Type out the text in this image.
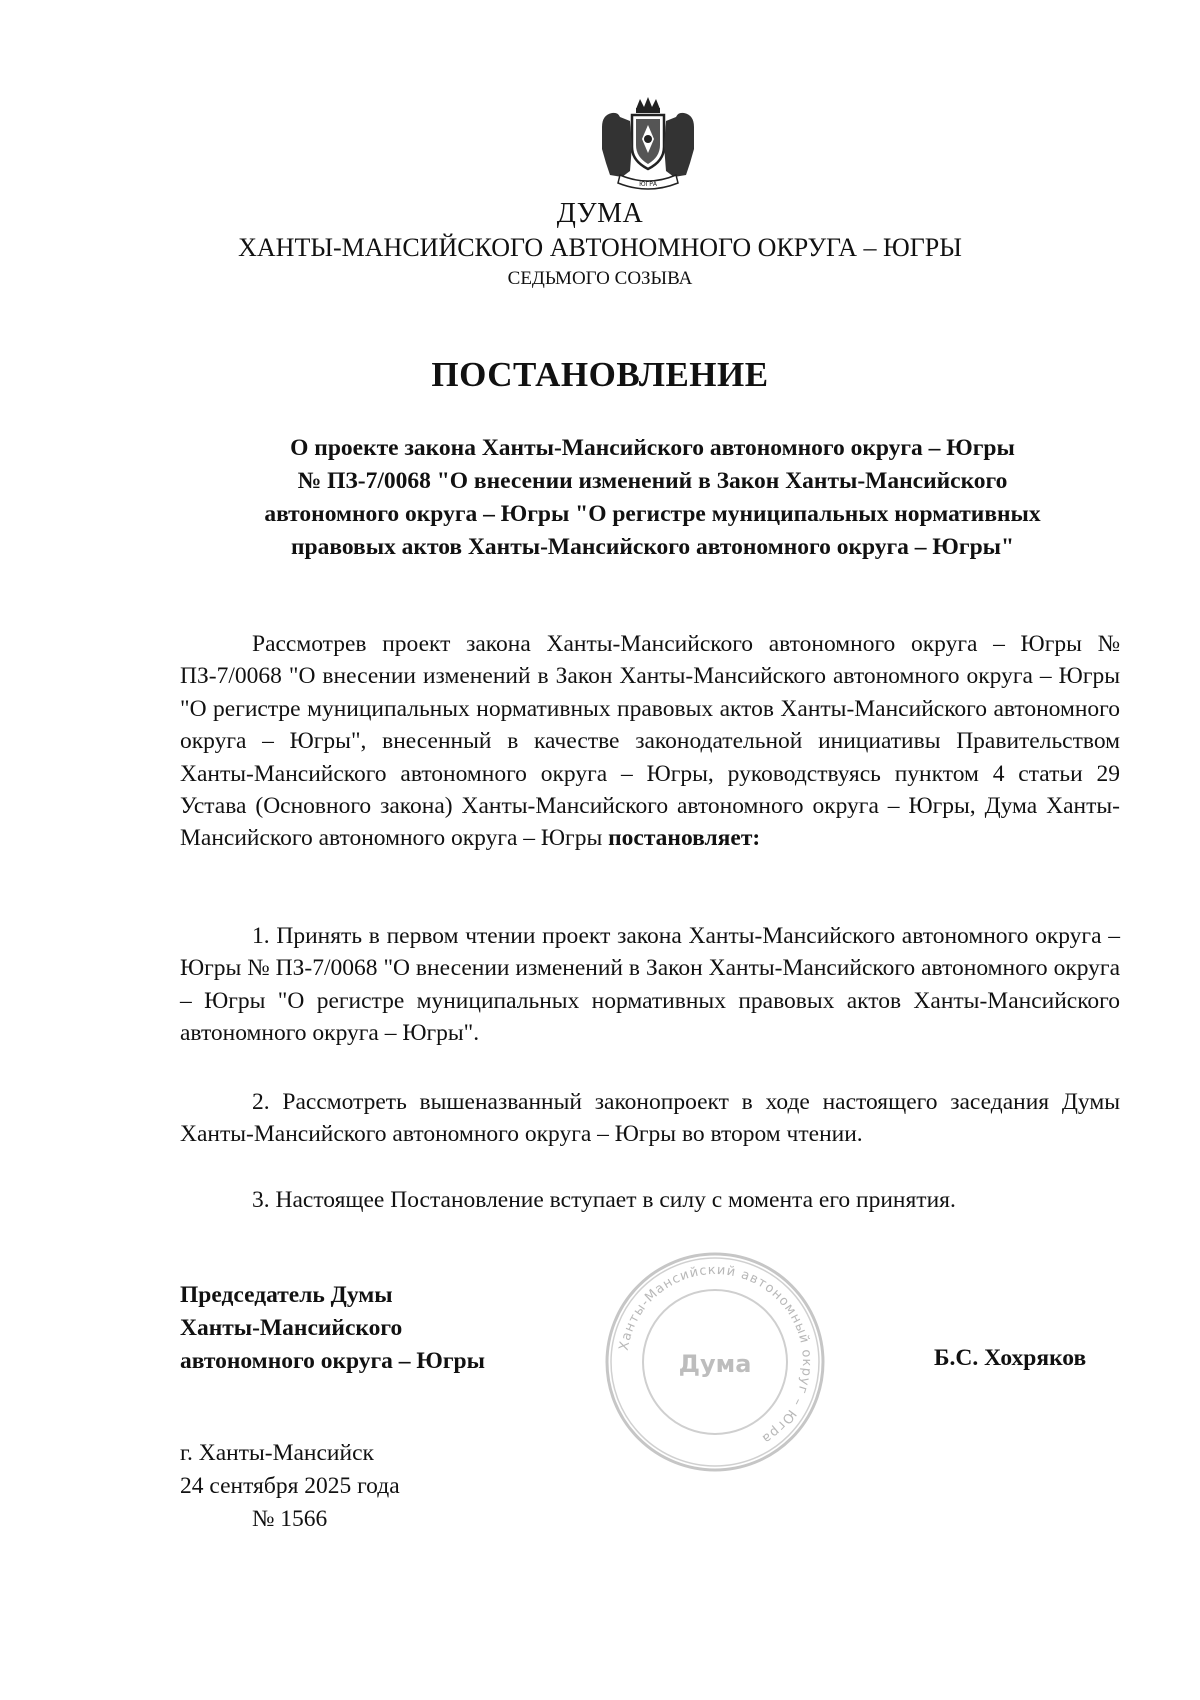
ЮГРА
ДУМА
ХАНТЫ-МАНСИЙСКОГО АВТОНОМНОГО ОКРУГА – ЮГРЫ
СЕДЬМОГО СОЗЫВА
ПОСТАНОВЛЕНИЕ
О проекте закона Ханты-Мансийского автономного округа – Югры
№ ПЗ-7/0068 "О внесении изменений в Закон Ханты-Мансийского
автономного округа – Югры "О регистре муниципальных нормативных
правовых актов Ханты-Мансийского автономного округа – Югры"
Рассмотрев проект закона Ханты-Мансийского автономного округа – Югры № ПЗ-7/0068 "О внесении изменений в Закон Ханты-Мансийского автономного округа – Югры "О регистре муниципальных нормативных правовых актов Ханты-Мансийского автономного округа – Югры", внесенный в качестве законодательной инициативы Правительством Ханты-Мансийского автономного округа – Югры, руководствуясь пунктом 4 статьи 29 Устава (Основного закона) Ханты-Мансийского автономного округа – Югры, Дума Ханты-Мансийского автономного округа – Югры постановляет:
1. Принять в первом чтении проект закона Ханты-Мансийского автономного округа – Югры № ПЗ-7/0068 "О внесении изменений в Закон Ханты-Мансийского автономного округа – Югры "О регистре муниципальных нормативных правовых актов Ханты-Мансийского автономного округа – Югры".
2. Рассмотреть вышеназванный законопроект в ходе настоящего заседания Думы Ханты-Мансийского автономного округа – Югры во втором чтении.
3. Настоящее Постановление вступает в силу с момента его принятия.
Ханты-Мансийский автономный округ – Югра
Дума
Председатель Думы
Ханты-Мансийского
автономного округа – Югры	Б.С. Хохряков
г. Ханты-Мансийск
24 сентября 2025 года
№ 1566
